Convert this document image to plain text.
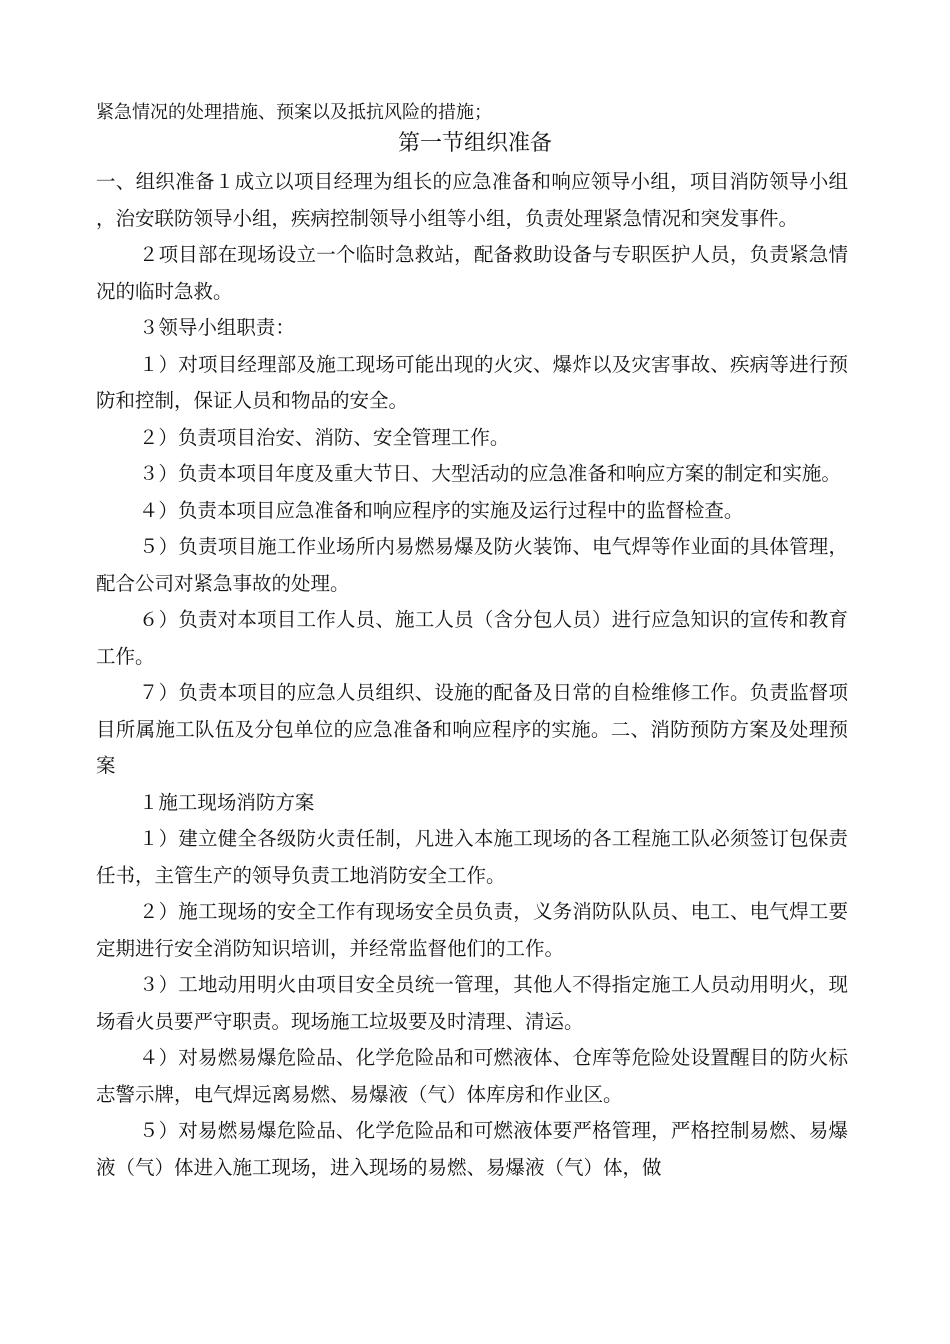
紧急情况的处理措施、预案以及抵抗风险的措施；
第一节组织准备

一、组织准备１成立以项目经理为组长的应急准备和响应领导小组，项目消防领导小组，治安联防领导小组，疾病控制领导小组等小组，负责处理紧急情况和突发事件。

２项目部在现场设立一个临时急救站，配备救助设备与专职医护人员，负责紧急情况的临时急救。

３领导小组职责：

１）对项目经理部及施工现场可能出现的火灾、爆炸以及灾害事故、疾病等进行预防和控制，保证人员和物品的安全。

２）负责项目治安、消防、安全管理工作。

３）负责本项目年度及重大节日、大型活动的应急准备和响应方案的制定和实施。

４）负责本项目应急准备和响应程序的实施及运行过程中的监督检查。

５）负责项目施工作业场所内易燃易爆及防火装饰、电气焊等作业面的具体管理，配合公司对紧急事故的处理。

６）负责对本项目工作人员、施工人员（含分包人员）进行应急知识的宣传和教育工作。

７）负责本项目的应急人员组织、设施的配备及日常的自检维修工作。负责监督项目所属施工队伍及分包单位的应急准备和响应程序的实施。二、消防预防方案及处理预案

１施工现场消防方案

１）建立健全各级防火责任制，凡进入本施工现场的各工程施工队必须签订包保责任书，主管生产的领导负责工地消防安全工作。

２）施工现场的安全工作有现场安全员负责，义务消防队队员、电工、电气焊工要定期进行安全消防知识培训，并经常监督他们的工作。

３）工地动用明火由项目安全员统一管理，其他人不得指定施工人员动用明火，现场看火员要严守职责。现场施工垃圾要及时清理、清运。

４）对易燃易爆危险品、化学危险品和可燃液体、仓库等危险处设置醒目的防火标志警示牌，电气焊远离易燃、易爆液（气）体库房和作业区。

５）对易燃易爆危险品、化学危险品和可燃液体要严格管理，严格控制易燃、易爆液（气）体进入施工现场，进入现场的易燃、易爆液（气）体，做
